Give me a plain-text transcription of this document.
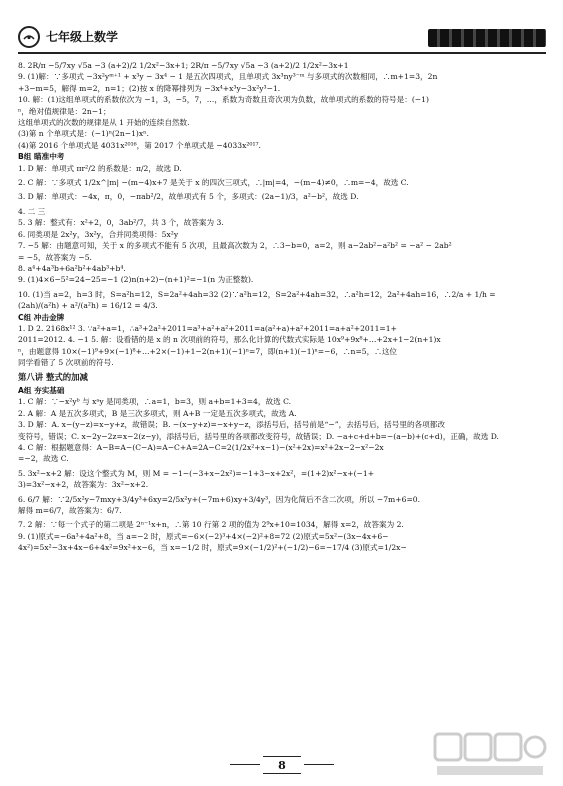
七年级上数学
8. 2R/π −5/7xy √5a −3 (a+2)/2 1/2x²−3x+1; 2R/π −5/7xy √5a −3 (a+2)/2 1/2x²−3x+1
9. (1)解：∵多项式 −3x²yᵐ⁺¹ + x³y − 3x⁴ − 1 是五次四项式，且单项式 3x³ny³⁻ᵐ 与多项式的次数相同，∴m+1=3，2n
+3−m=5，解得 m=2，n=1；(2)按 x 的降幂排列为 −3x⁴+x³y−3x²y³−1.
10. 解：(1)这组单项式的系数依次为 −1，3，−5，7，…，系数为奇数且奇次项为负数，故单项式的系数的符号是：(−1)
ⁿ，绝对值规律是：2n−1；
这组单项式的次数的规律是从 1 开始的连续自然数.
(3)第 n 个单项式是：(−1)ⁿ(2n−1)xⁿ.
(4)第 2016 个单项式是 4031x²⁰¹⁶，第 2017 个单项式是 −4033x²⁰¹⁷.
B组 瞄准中考
1. D 解：单项式 πr²/2 的系数是：π/2，故选 D.
2. C 解：∵多项式 1/2x^|m| −(m−4)x+7 是关于 x 的四次三项式，∴|m|=4，−(m−4)≠0，∴m=−4，故选 C.
3. D 解：单项式：−4x，π，0，−πab²/2，故单项式有 5 个，多项式：(2a−1)/3，a²−b²，故选 D.
4. 二 三
5. 3 解：整式有：x²+2，0，3ab²/7，共 3 个，故答案为 3.
6. 同类项是 2x²y，3x²y，合并同类项得：5x²y
7. −5 解：由题意可知，关于 x 的多项式不能有 5 次项，且最高次数为 2，∴3−b=0，a=2，则 a−2ab²−a²b² = −a² − 2ab²
= −5，故答案为 −5.
8. a⁴+4a³b+6a²b²+4ab³+b⁴.
9. (1)4×6−5²=24−25=−1 (2)n(n+2)−(n+1)²=−1(n 为正整数).
10. (1)当 a=2，h=3 时，S=a²h=12，S=2a²+4ah=32 (2)∵a²h=12，S=2a²+4ah=32，∴a²h=12，2a²+4ah=16，∴2/a + 1/h =
(2ah)/(a²h) + a²/(a²h) = 16/12 = 4/3.
C组 冲击金牌
1. D 2. 2168x¹² 3. ∵a²+a=1，∴a³+2a²+2011=a³+a²+a²+2011=a(a²+a)+a²+2011=a+a²+2011=1+
2011=2012. 4. −1 5. 解：设看错的是 x 的 n 次项前的符号，那么化计算的代数式实际是 10x⁹+9x⁸+…+2x+1−2(n+1)x
ⁿ，由题意得 10×(−1)⁹+9×(−1)⁸+…+2×(−1)+1−2(n+1)(−1)ⁿ=7，即(n+1)(−1)ⁿ=−6，∴n=5，∴这位
同学看错了 5 次项前的符号.
第八讲 整式的加减
A组 夯实基础
1. C 解：∵−x²yᵇ 与 xᵃy 是同类项，∴a=1，b=3，则 a+b=1+3=4，故选 C.
2. A 解：A 是五次多项式，B 是三次多项式，则 A+B 一定是五次多项式，故选 A.
3. D 解：A. x−(y−z)=x−y+z，故错误；B. −(x−y+z)=−x+y−z，添括号后，括号前是“−”，去括号后，括号里的各项都改
变符号，错误；C. x−2y−2z=x−2(z−y)，添括号后，括号里的各项都改变符号，故错误；D. −a+c+d+b=−(a−b)+(c+d)，正确，故选 D.
4. C 解：根据题意得：A−B=A−(C−A)=A−C+A=2A−C=2(1/2x²+x−1)−(x²+2x)=x²+2x−2−x²−2x
=−2，故选 C.
5. 3x²−x+2 解：设这个整式为 M，则 M = −1−(−3+x−2x²)=−1+3−x+2x²，=(1+2)x²−x+(−1+
3)=3x²−x+2，故答案为：3x²−x+2.
6. 6/7 解：∵2/5x²y−7mxy+3/4y³+6xy=2/5x²y+(−7m+6)xy+3/4y³，因为化简后不含二次项，所以 −7m+6=0.
解得 m=6/7，故答案为：6/7.
7. 2 解：∵每一个式子的第二项是 2ⁿ⁻¹x+n，∴第 10 行第 2 项的值为 2⁹x+10=1034，解得 x=2，故答案为 2.
9. (1)原式=−6a³+4a²+8，当 a=−2 时，原式=−6×(−2)³+4×(−2)²+8=72 (2)原式=5x²−(3x−4x+6−
4x²)=5x²−3x+4x−6+4x²=9x²+x−6，当 x=−1/2 时，原式=9×(−1/2)²+(−1/2)−6=−17/4 (3)原式=1/2x−
8
